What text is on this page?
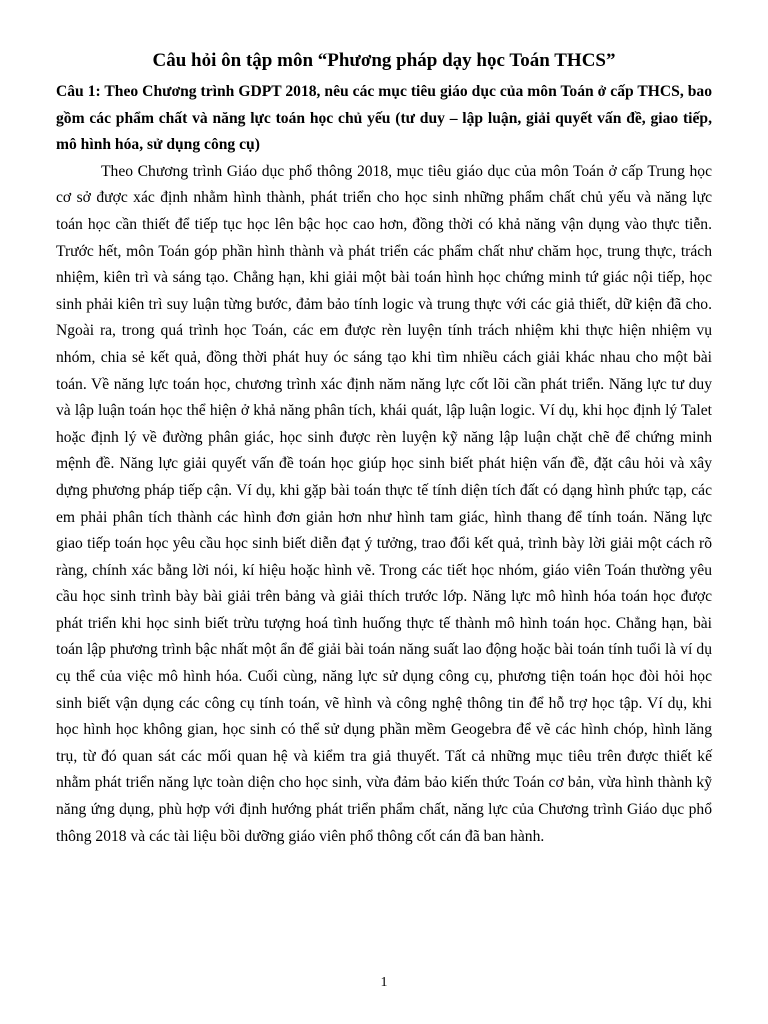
Câu hỏi ôn tập môn “Phương pháp dạy học Toán THCS”

Câu 1: Theo Chương trình GDPT 2018, nêu các mục tiêu giáo dục của môn Toán ở cấp THCS, bao gồm các phẩm chất và năng lực toán học chủ yếu (tư duy – lập luận, giải quyết vấn đề, giao tiếp, mô hình hóa, sử dụng công cụ)

Theo Chương trình Giáo dục phổ thông 2018, mục tiêu giáo dục của môn Toán ở cấp Trung học cơ sở được xác định nhằm hình thành, phát triển cho học sinh những phẩm chất chủ yếu và năng lực toán học cần thiết để tiếp tục học lên bậc học cao hơn, đồng thời có khả năng vận dụng vào thực tiễn. Trước hết, môn Toán góp phần hình thành và phát triển các phẩm chất như chăm học, trung thực, trách nhiệm, kiên trì và sáng tạo. Chẳng hạn, khi giải một bài toán hình học chứng minh tứ giác nội tiếp, học sinh phải kiên trì suy luận từng bước, đảm bảo tính logic và trung thực với các giả thiết, dữ kiện đã cho. Ngoài ra, trong quá trình học Toán, các em được rèn luyện tính trách nhiệm khi thực hiện nhiệm vụ nhóm, chia sẻ kết quả, đồng thời phát huy óc sáng tạo khi tìm nhiều cách giải khác nhau cho một bài toán. Về năng lực toán học, chương trình xác định năm năng lực cốt lõi cần phát triển. Năng lực tư duy và lập luận toán học thể hiện ở khả năng phân tích, khái quát, lập luận logic. Ví dụ, khi học định lý Talet hoặc định lý về đường phân giác, học sinh được rèn luyện kỹ năng lập luận chặt chẽ để chứng minh mệnh đề. Năng lực giải quyết vấn đề toán học giúp học sinh biết phát hiện vấn đề, đặt câu hỏi và xây dựng phương pháp tiếp cận. Ví dụ, khi gặp bài toán thực tế tính diện tích đất có dạng hình phức tạp, các em phải phân tích thành các hình đơn giản hơn như hình tam giác, hình thang để tính toán. Năng lực giao tiếp toán học yêu cầu học sinh biết diễn đạt ý tưởng, trao đổi kết quả, trình bày lời giải một cách rõ ràng, chính xác bằng lời nói, kí hiệu hoặc hình vẽ. Trong các tiết học nhóm, giáo viên Toán thường yêu cầu học sinh trình bày bài giải trên bảng và giải thích trước lớp. Năng lực mô hình hóa toán học được phát triển khi học sinh biết trừu tượng hoá tình huống thực tế thành mô hình toán học. Chẳng hạn, bài toán lập phương trình bậc nhất một ẩn để giải bài toán năng suất lao động hoặc bài toán tính tuổi là ví dụ cụ thể của việc mô hình hóa. Cuối cùng, năng lực sử dụng công cụ, phương tiện toán học đòi hỏi học sinh biết vận dụng các công cụ tính toán, vẽ hình và công nghệ thông tin để hỗ trợ học tập. Ví dụ, khi học hình học không gian, học sinh có thể sử dụng phần mềm Geogebra để vẽ các hình chóp, hình lăng trụ, từ đó quan sát các mối quan hệ và kiểm tra giả thuyết. Tất cả những mục tiêu trên được thiết kế nhằm phát triển năng lực toàn diện cho học sinh, vừa đảm bảo kiến thức Toán cơ bản, vừa hình thành kỹ năng ứng dụng, phù hợp với định hướng phát triển phẩm chất, năng lực của Chương trình Giáo dục phổ thông 2018 và các tài liệu bồi dưỡng giáo viên phổ thông cốt cán đã ban hành.

1
